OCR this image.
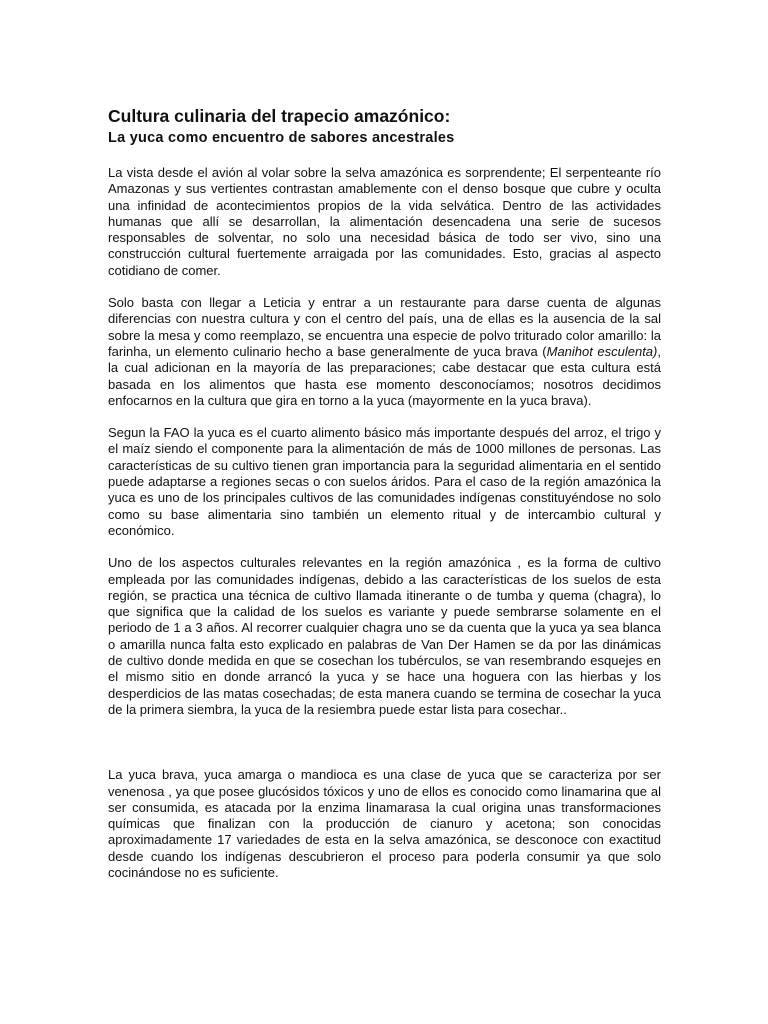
Cultura culinaria del trapecio amazónico:
La yuca como encuentro de sabores ancestrales

La vista desde el avión al volar sobre la selva amazónica es sorprendente; El serpenteante río Amazonas y sus vertientes contrastan amablemente con el denso bosque que cubre y oculta una infinidad de acontecimientos propios de la vida selvática. Dentro de las actividades humanas que allí se desarrollan, la alimentación desencadena una serie de sucesos responsables de solventar, no solo una necesidad básica de todo ser vivo, sino una construcción cultural fuertemente arraigada por las comunidades. Esto, gracias al aspecto cotidiano de comer.

Solo basta con llegar a Leticia y entrar a un restaurante para darse cuenta de algunas diferencias con nuestra cultura y con el centro del país, una de ellas es la ausencia de la sal sobre la mesa y como reemplazo, se encuentra una especie de polvo triturado color amarillo: la farinha, un elemento culinario hecho a base generalmente de yuca brava (Manihot esculenta), la cual adicionan en la mayoría de las preparaciones; cabe destacar que esta cultura está basada en los alimentos que hasta ese momento desconocíamos; nosotros decidimos enfocarnos en la cultura que gira en torno a la yuca (mayormente en la yuca brava).

Segun la FAO la yuca es el cuarto alimento básico más importante después del arroz, el trigo y el maíz siendo el componente para la alimentación de más de 1000 millones de personas. Las características de su cultivo tienen gran importancia para la seguridad alimentaria en el sentido puede adaptarse a regiones secas o con suelos áridos. Para el caso de la región amazónica la yuca es uno de los principales cultivos de las comunidades indígenas constituyéndose no solo como su base alimentaria sino también un elemento ritual y de intercambio cultural y económico.

Uno de los aspectos culturales relevantes en la región amazónica , es la forma de cultivo empleada por las comunidades indígenas, debido a las características de los suelos de esta región, se practica una técnica de cultivo llamada itinerante o de tumba y quema (chagra), lo que significa que la calidad de los suelos es variante y puede sembrarse solamente en el periodo de 1 a 3 años. Al recorrer cualquier chagra uno se da cuenta que la yuca ya sea blanca o amarilla nunca falta esto explicado en palabras de Van Der Hamen se da por las dinámicas de cultivo donde medida en que se cosechan los tubérculos, se van resembrando esquejes en el mismo sitio en donde arrancó la yuca y se hace una hoguera con las hierbas y los desperdicios de las matas cosechadas; de esta manera cuando se termina de cosechar la yuca de la primera siembra, la yuca de la resiembra puede estar lista para cosechar..

La yuca brava, yuca amarga o mandioca es una clase de yuca que se caracteriza por ser venenosa , ya que posee glucósidos tóxicos y uno de ellos es conocido como linamarina que al ser consumida, es atacada por la enzima linamarasa la cual origina unas transformaciones químicas que finalizan con la producción de cianuro y acetona; son conocidas aproximadamente 17 variedades de esta en la selva amazónica, se desconoce con exactitud desde cuando los indígenas descubrieron el proceso para poderla consumir ya que solo cocinándose no es suficiente.
